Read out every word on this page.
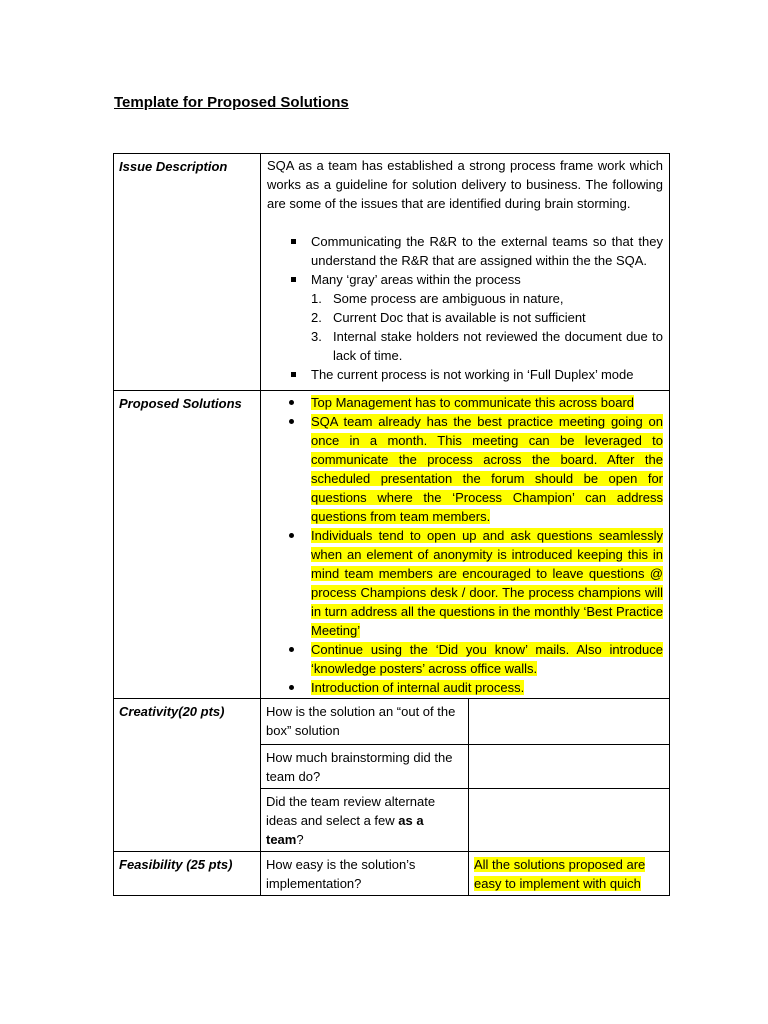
Template for Proposed Solutions
Issue Description	SQA as a team has established a strong process frame work which works as a guideline for solution delivery to business. The following are some of the issues that are identified during brain storming.

Communicating the R&R to the external teams so that they understand the R&R that are assigned within the the SQA.
Many ‘gray’ areas within the process
1. Some process are ambiguous in nature,
2. Current Doc that is available is not sufficient
3. Internal stake holders not reviewed the document due to lack of time.
The current process is not working in ‘Full Duplex’ mode

Proposed Solutions	Top Management has to communicate this across board
SQA team already has the best practice meeting going on once in a month. This meeting can be leveraged to communicate the process across the board. After the scheduled presentation the forum should be open for questions where the ‘Process Champion’ can address questions from team members.
Individuals tend to open up and ask questions seamlessly when an element of anonymity is introduced keeping this in mind team members are encouraged to leave questions @ process Champions desk / door. The process champions will in turn address all the questions in the monthly ‘Best Practice Meeting’
Continue using the ‘Did you know’ mails. Also introduce ‘knowledge posters’ across office walls.
Introduction of internal audit process.

Creativity(20 pts)		How is the solution an “out of the box” solution	
How much brainstorming did the team do?	
Did the team review alternate ideas and select a few as a team?	

Feasibility (25 pts)		How easy is the solution’s implementation?	All the solutions proposed are easy to implement with quich
